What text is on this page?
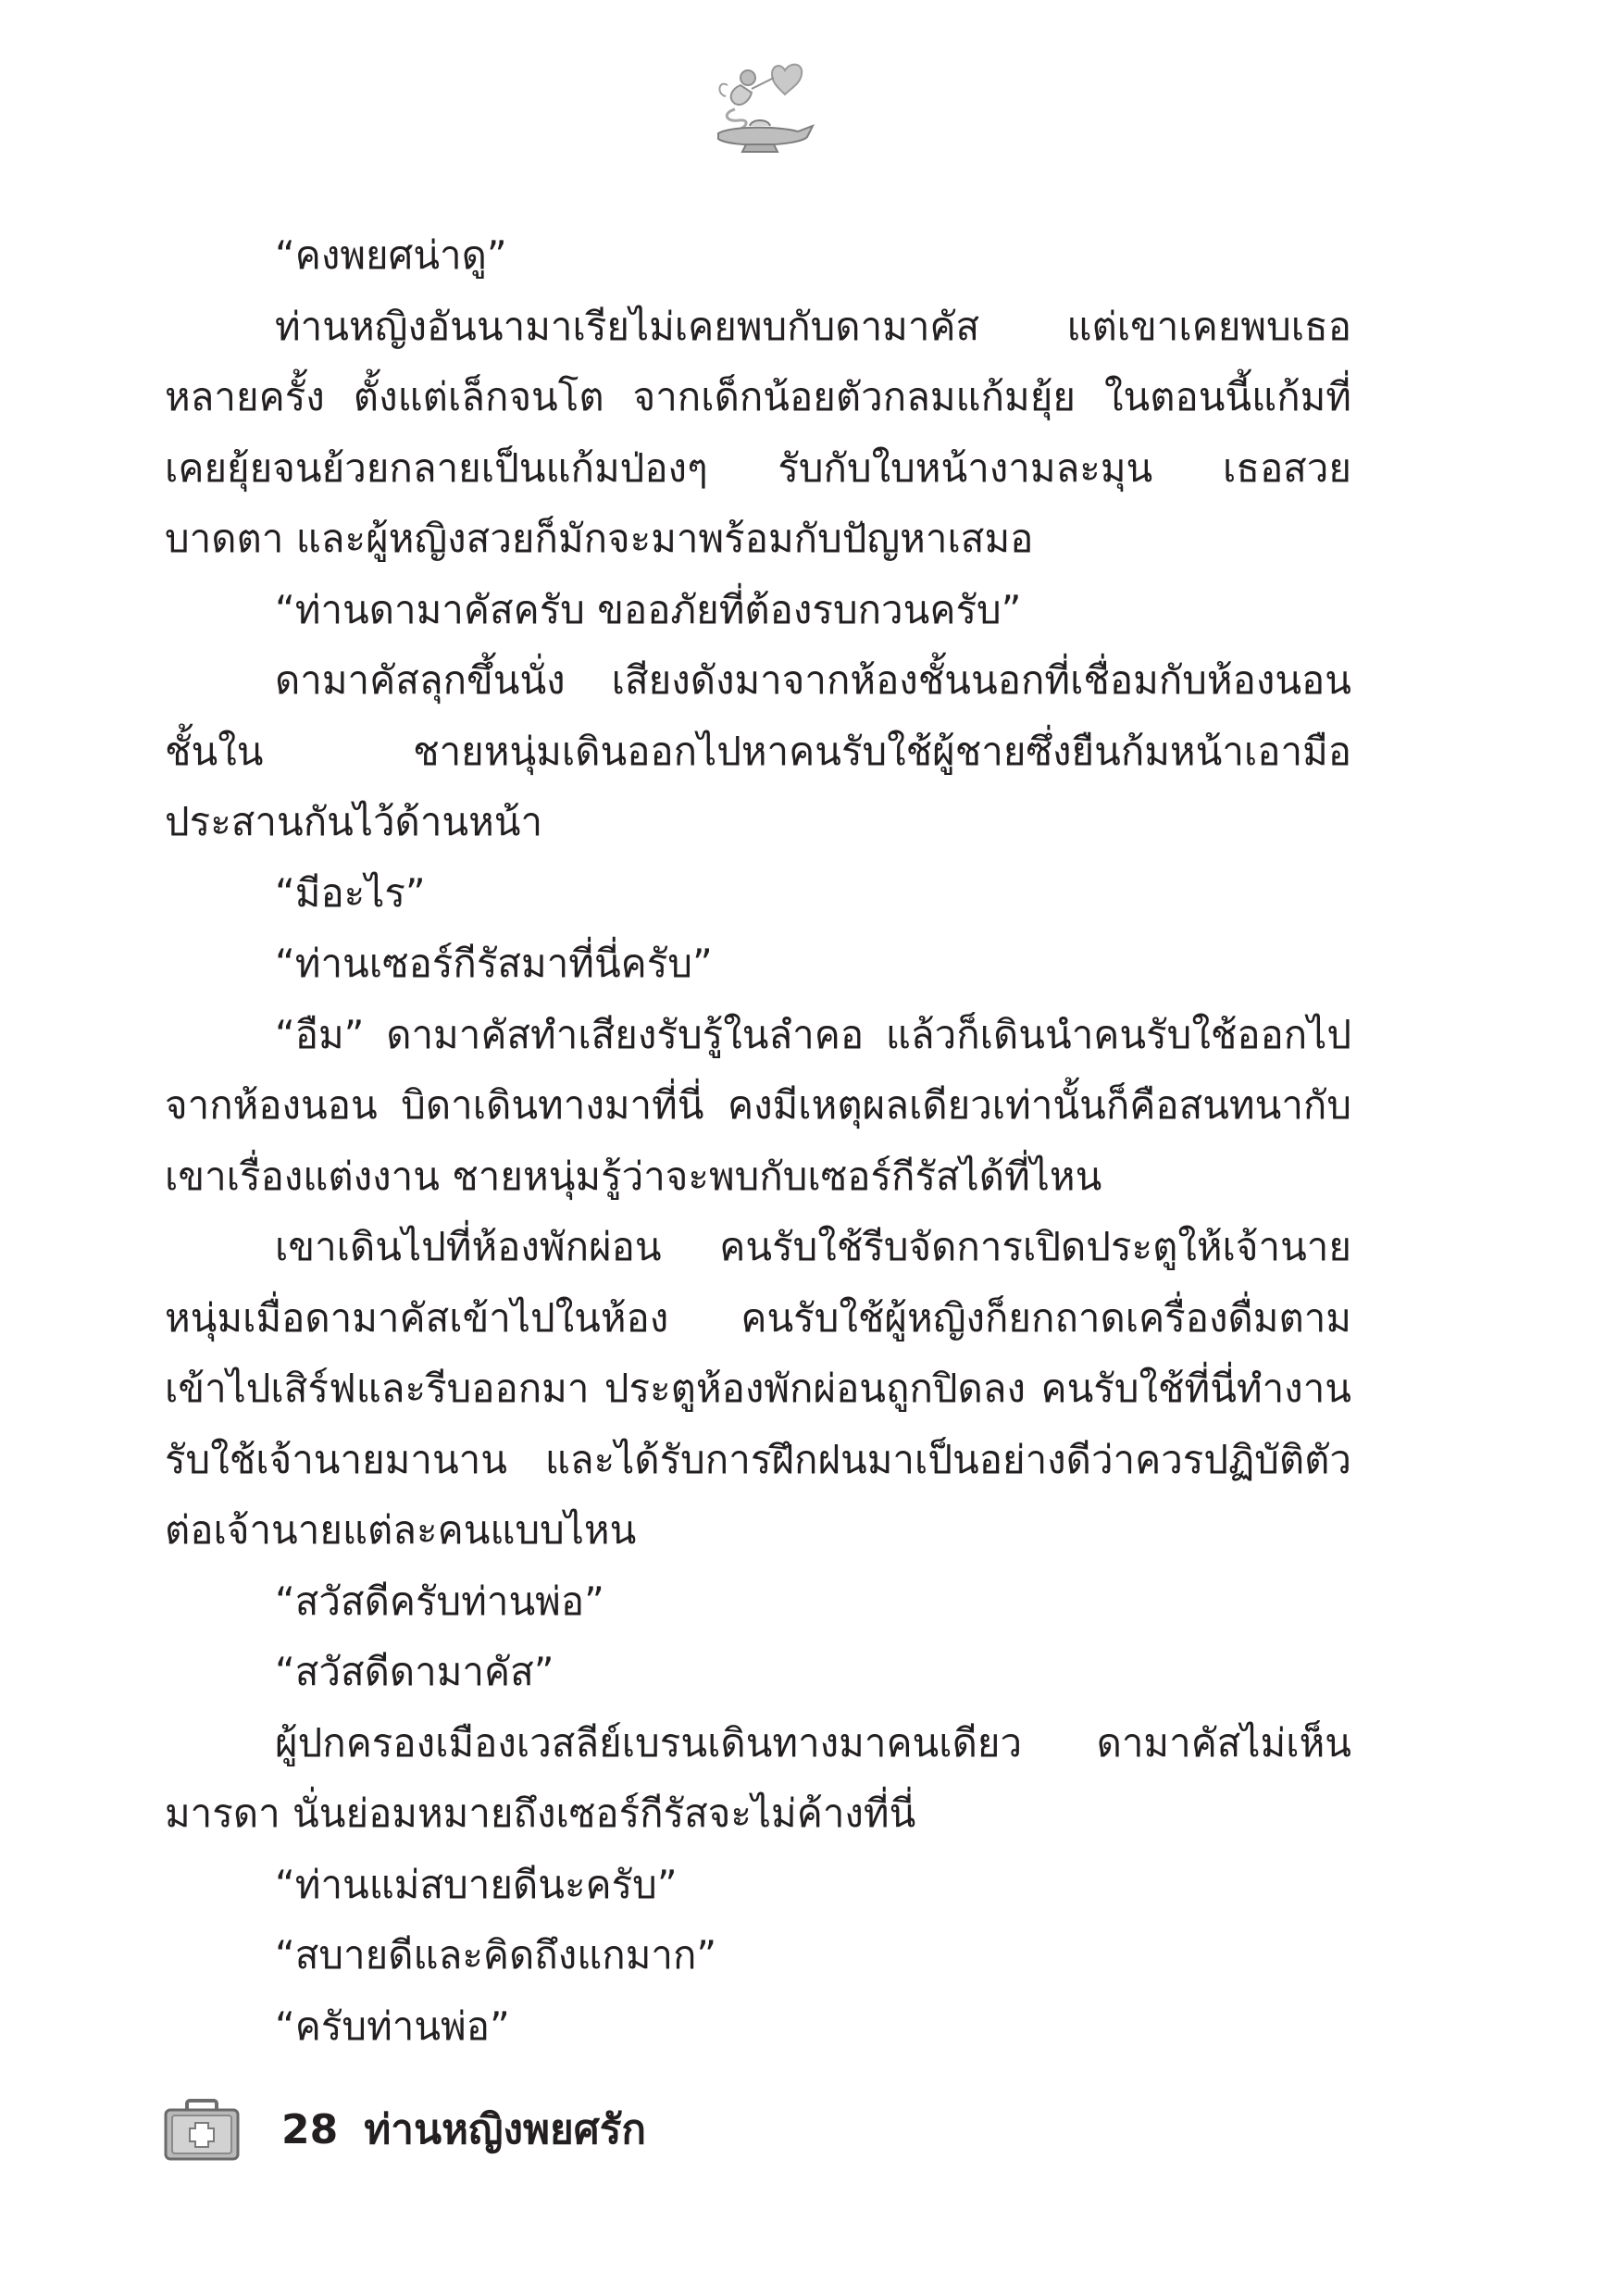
“คงพยศน่าดู”

ท่านหญิงอันนามาเรียไม่เคยพบกับดามาคัส แต่เขาเคยพบเธอหลายครั้ง ตั้งแต่เล็กจนโต จากเด็กน้อยตัวกลมแก้มยุ้ย ในตอนนี้แก้มที่เคยยุ้ยจนย้วยกลายเป็นแก้มป่องๆ รับกับใบหน้างามละมุน เธอสวยบาดตา และผู้หญิงสวยก็มักจะมาพร้อมกับปัญหาเสมอ

“ท่านดามาคัสครับ ขออภัยที่ต้องรบกวนครับ”

ดามาคัสลุกขึ้นนั่ง เสียงดังมาจากห้องชั้นนอกที่เชื่อมกับห้องนอนชั้นใน ชายหนุ่มเดินออกไปหาคนรับใช้ผู้ชายซึ่งยืนก้มหน้าเอามือประสานกันไว้ด้านหน้า

“มีอะไร”

“ท่านเซอร์กีรัสมาที่นี่ครับ”

“อืม” ดามาคัสทำเสียงรับรู้ในลำคอ แล้วก็เดินนำคนรับใช้ออกไปจากห้องนอน บิดาเดินทางมาที่นี่ คงมีเหตุผลเดียวเท่านั้นก็คือสนทนากับเขาเรื่องแต่งงาน ชายหนุ่มรู้ว่าจะพบกับเซอร์กีรัสได้ที่ไหน

เขาเดินไปที่ห้องพักผ่อน คนรับใช้รีบจัดการเปิดประตูให้เจ้านายหนุ่มเมื่อดามาคัสเข้าไปในห้อง คนรับใช้ผู้หญิงก็ยกถาดเครื่องดื่มตามเข้าไปเสิร์ฟและรีบออกมา ประตูห้องพักผ่อนถูกปิดลง คนรับใช้ที่นี่ทำงานรับใช้เจ้านายมานาน และได้รับการฝึกฝนมาเป็นอย่างดีว่าควรปฏิบัติตัวต่อเจ้านายแต่ละคนแบบไหน

“สวัสดีครับท่านพ่อ”

“สวัสดีดามาคัส”

ผู้ปกครองเมืองเวสลีย์เบรนเดินทางมาคนเดียว ดามาคัสไม่เห็นมารดา นั่นย่อมหมายถึงเซอร์กีรัสจะไม่ค้างที่นี่

“ท่านแม่สบายดีนะครับ”

“สบายดีและคิดถึงแกมาก”

“ครับท่านพ่อ”

28 ท่านหญิงพยศรัก
